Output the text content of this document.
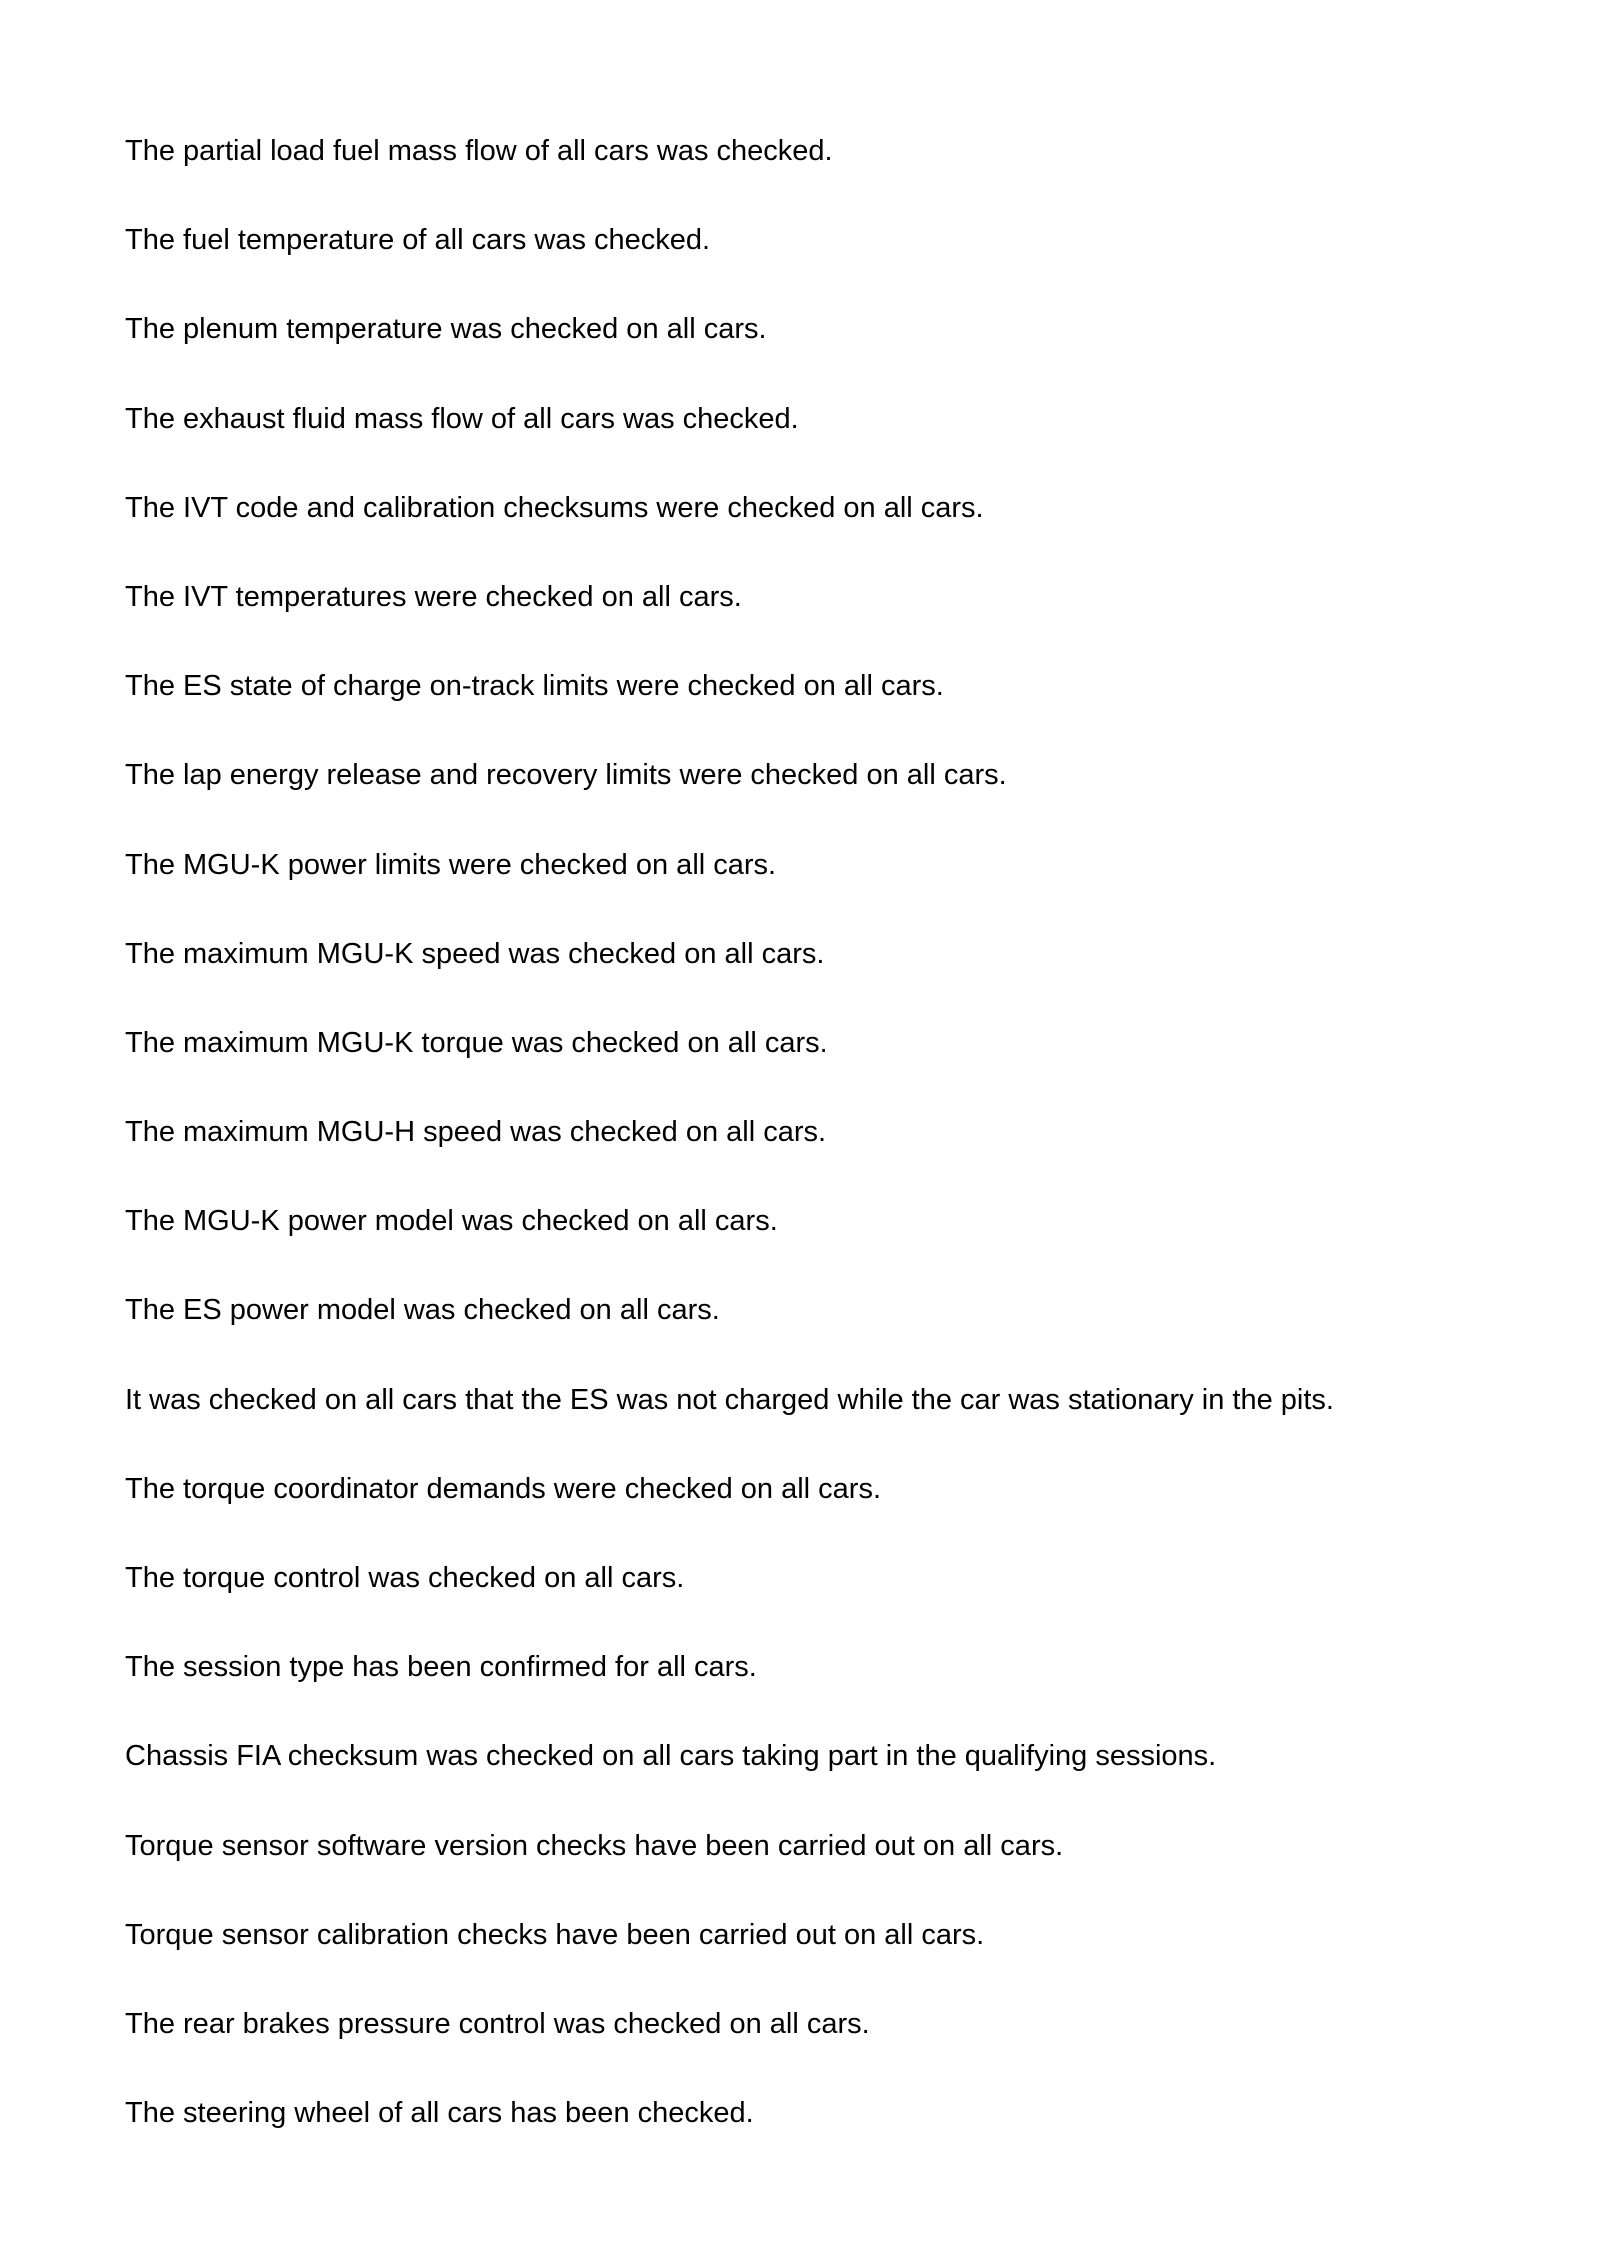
The partial load fuel mass flow of all cars was checked.
The fuel temperature of all cars was checked.
The plenum temperature was checked on all cars.
The exhaust fluid mass flow of all cars was checked.
The IVT code and calibration checksums were checked on all cars.
The IVT temperatures were checked on all cars.
The ES state of charge on-track limits were checked on all cars.
The lap energy release and recovery limits were checked on all cars.
The MGU-K power limits were checked on all cars.
The maximum MGU-K speed was checked on all cars.
The maximum MGU-K torque was checked on all cars.
The maximum MGU-H speed was checked on all cars.
The MGU-K power model was checked on all cars.
The ES power model was checked on all cars.
It was checked on all cars that the ES was not charged while the car was stationary in the pits.
The torque coordinator demands were checked on all cars.
The torque control was checked on all cars.
The session type has been confirmed for all cars.
Chassis FIA checksum was checked on all cars taking part in the qualifying sessions.
Torque sensor software version checks have been carried out on all cars.
Torque sensor calibration checks have been carried out on all cars.
The rear brakes pressure control was checked on all cars.
The steering wheel of all cars has been checked.
